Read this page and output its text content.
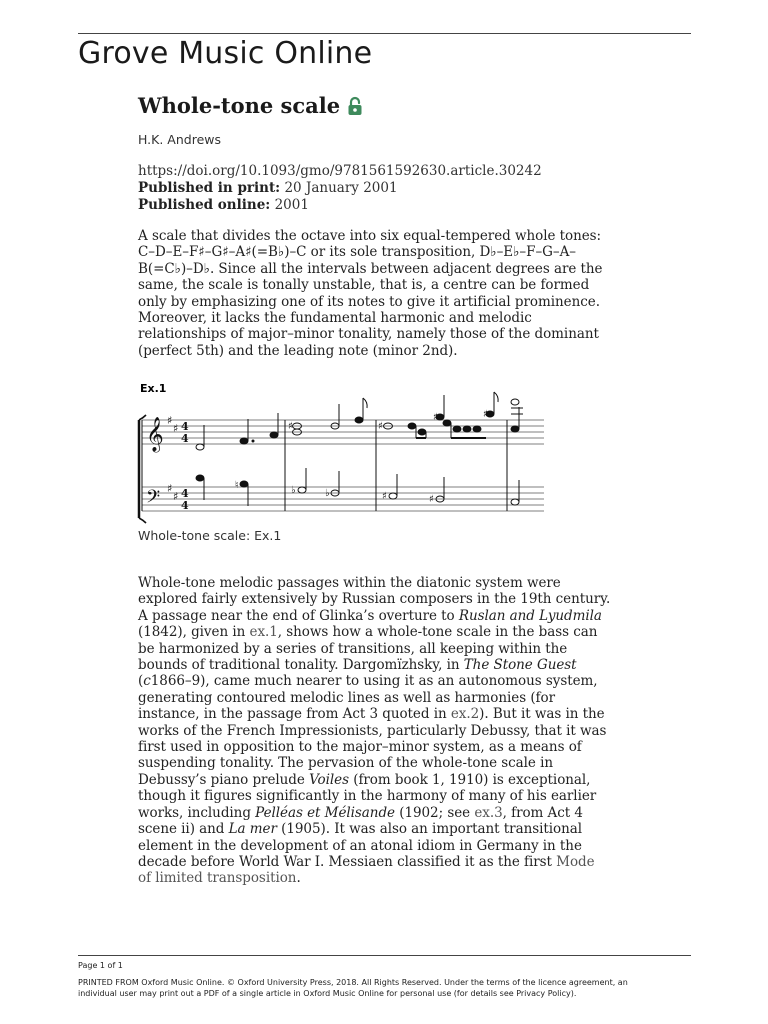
Grove Music Online
Whole-tone scale
H.K. Andrews
https://doi.org/10.1093/gmo/9781561592630.article.30242
Published in print: 20 January 2001
Published online: 2001

A scale that divides the octave into six equal-tempered whole tones:
C–D–E–F♯–G♯–A♯(=B♭)–C or its sole transposition, D♭–E♭–F–G–A–
B(=C♭)–D♭. Since all the intervals between adjacent degrees are the
same, the scale is tonally unstable, that is, a centre can be formed
only by emphasizing one of its notes to give it artificial prominence.
Moreover, it lacks the fundamental harmonic and melodic
relationships of major–minor tonality, namely those of the dominant
(perfect 5th) and the leading note (minor 2nd).

Ex.1
𝄞
𝄢
♯
♯
♯
♯
4
4
4
4
♯	♯
♯	♯
♮	♭	♭	♯	♯
Whole-tone scale: Ex.1

Whole-tone melodic passages within the diatonic system were
explored fairly extensively by Russian composers in the 19th century.
A passage near the end of Glinka’s overture to Ruslan and Lyudmila
(1842), given in ex.1, shows how a whole-tone scale in the bass can
be harmonized by a series of transitions, all keeping within the
bounds of traditional tonality. Dargomïzhsky, in The Stone Guest
(c1866–9), came much nearer to using it as an autonomous system,
generating contoured melodic lines as well as harmonies (for
instance, in the passage from Act 3 quoted in ex.2). But it was in the
works of the French Impressionists, particularly Debussy, that it was
first used in opposition to the major–minor system, as a means of
suspending tonality. The pervasion of the whole-tone scale in
Debussy’s piano prelude Voiles (from book 1, 1910) is exceptional,
though it figures significantly in the harmony of many of his earlier
works, including Pelléas et Mélisande (1902; see ex.3, from Act 4
scene ii) and La mer (1905). It was also an important transitional
element in the development of an atonal idiom in Germany in the
decade before World War I. Messiaen classified it as the first Mode
of limited transposition.

Page 1 of 1
PRINTED FROM Oxford Music Online. © Oxford University Press, 2018. All Rights Reserved. Under the terms of the licence agreement, an
individual user may print out a PDF of a single article in Oxford Music Online for personal use (for details see Privacy Policy).
